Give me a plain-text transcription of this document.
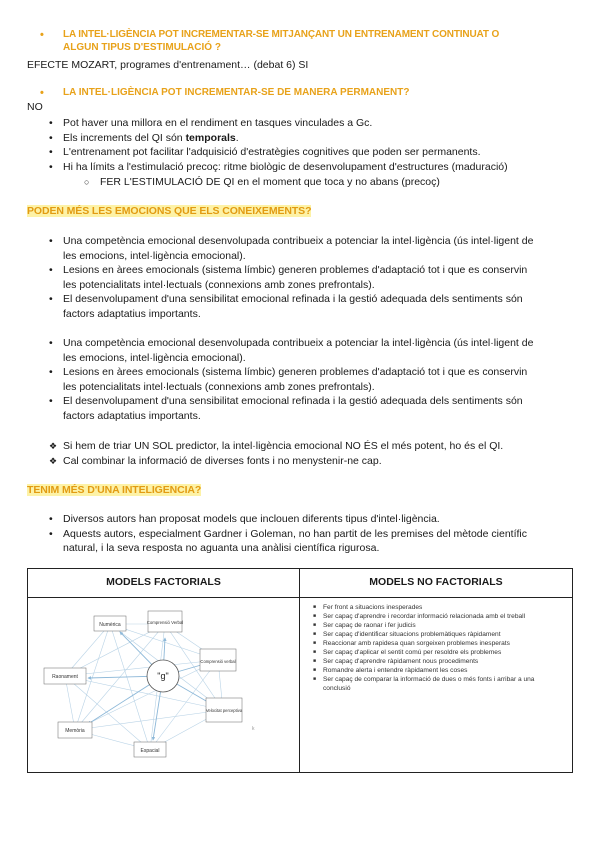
• LA INTEL·LIGÈNCIA POT INCREMENTAR-SE MITJANÇANT UN ENTRENAMENT CONTINUAT O
ALGUN TIPUS D'ESTIMULACIÓ ?
EFECTE MOZART, programes d'entrenament… (debat 6) SI
• LA INTEL·LIGÈNCIA POT INCREMENTAR-SE DE MANERA PERMANENT?
NO
• Pot haver una millora en el rendiment en tasques vinculades a Gc.
• Els increments del QI són temporals.
• L'entrenament pot facilitar l'adquisició d'estratègies cognitives que poden ser permanents.
• Hi ha límits a l'estimulació precoç: ritme biològic de desenvolupament d'estructures (maduració)
○ FER L'ESTIMULACIÓ DE QI en el moment que toca y no abans (precoç)
PODEN MÉS LES EMOCIONS QUE ELS CONEIXEMENTS?
• Una competència emocional desenvolupada contribueix a potenciar la intel·ligència (ús intel·ligent de
les emocions, intel·ligència emocional).
• Lesions en àrees emocionals (sistema límbic) generen problemes d'adaptació tot i que es conservin
les potencialitats intel·lectuals (connexions amb zones prefrontals).
• El desenvolupament d'una sensibilitat emocional refinada i la gestió adequada dels sentiments són
factors adaptatius importants.
• Una competència emocional desenvolupada contribueix a potenciar la intel·ligència (ús intel·ligent de
les emocions, intel·ligència emocional).
• Lesions en àrees emocionals (sistema límbic) generen problemes d'adaptació tot i que es conservin
les potencialitats intel·lectuals (connexions amb zones prefrontals).
• El desenvolupament d'una sensibilitat emocional refinada i la gestió adequada dels sentiments són
factors adaptatius importants.
❖ Si hem de triar UN SOL predictor, la intel·ligència emocional NO ÉS el més potent, ho és el QI.
❖ Cal combinar la informació de diverses fonts i no menystenir-ne cap.
TENIM MÉS D'UNA INTELIGENCIA?
• Diversos autors han proposat models que inclouen diferents tipus d'intel·ligència.
• Aquests autors, especialment Gardner i Goleman, no han partit de les premises del mètode científic
natural, i la seva resposta no aguanta una anàlisi científica rigurosa.
MODELS FACTORIALS	MODELS NO FACTORIALS
"g"
Numèrica	Comprensió Verbal
Comprensió verbal
Velocitat perceptiva
Espacial
Memòria
Raonament
k
■ Fer front a situacions inesperades
■ Ser capaç d'aprendre i recordar informació relacionada amb el treball
■ Ser capaç de raonar i fer judicis
■ Ser capaç d'identificar situacions problemàtiques ràpidament
■ Reaccionar amb rapidesa quan sorgeixen problemes inesperats
■ Ser capaç d'aplicar el sentit comú per resoldre els problemes
■ Ser capaç d'aprendre ràpidament nous procediments
■ Romandre alerta i entendre ràpidament les coses
■ Ser capaç de comparar la informació de dues o més fonts i arribar a una conclusió
